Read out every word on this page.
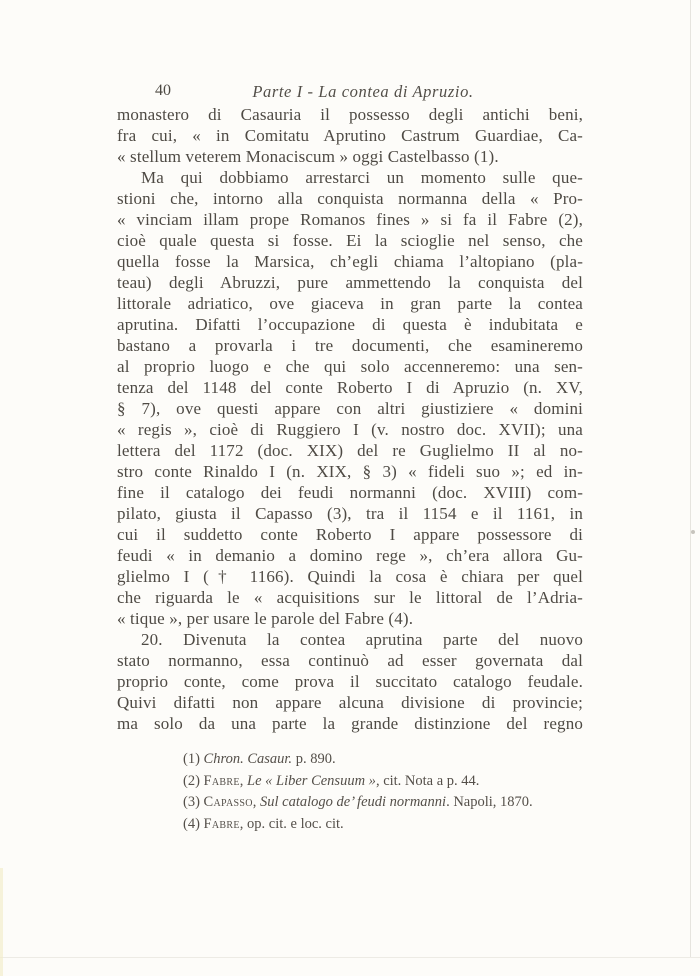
40	Parte I - La contea di Apruzio.
monastero di Casauria il possesso degli antichi beni,
fra cui, « in Comitatu Aprutino Castrum Guardiae, Ca-
« stellum veterem Monaciscum » oggi Castelbasso (1).
Ma qui dobbiamo arrestarci un momento sulle que-
stioni che, intorno alla conquista normanna della « Pro-
« vinciam illam prope Romanos fines » si fa il Fabre (2),
cioè quale questa si fosse. Ei la scioglie nel senso, che
quella fosse la Marsica, ch’egli chiama l’altopiano (pla-
teau) degli Abruzzi, pure ammettendo la conquista del
littorale adriatico, ove giaceva in gran parte la contea
aprutina. Difatti l’occupazione di questa è indubitata e
bastano a provarla i tre documenti, che esamineremo
al proprio luogo e che qui solo accenneremo: una sen-
tenza del 1148 del conte Roberto I di Apruzio (n. XV,
§ 7), ove questi appare con altri giustiziere « domini
« regis », cioè di Ruggiero I (v. nostro doc. XVII); una
lettera del 1172 (doc. XIX) del re Guglielmo II al no-
stro conte Rinaldo I (n. XIX, § 3) « fideli suo »; ed in-
fine il catalogo dei feudi normanni (doc. XVIII) com-
pilato, giusta il Capasso (3), tra il 1154 e il 1161, in
cui il suddetto conte Roberto I appare possessore di
feudi « in demanio a domino rege », ch’era allora Gu-
glielmo I († 1166). Quindi la cosa è chiara per quel
che riguarda le « acquisitions sur le littoral de l’Adria-
« tique », per usare le parole del Fabre (4).
20. Divenuta la contea aprutina parte del nuovo
stato normanno, essa continuò ad esser governata dal
proprio conte, come prova il succitato catalogo feudale.
Quivi difatti non appare alcuna divisione di provincie;
ma solo da una parte la grande distinzione del regno
(1) Chron. Casaur. p. 890.
(2) Fabre, Le « Liber Censuum », cit. Nota a p. 44.
(3) Capasso, Sul catalogo de’ feudi normanni. Napoli, 1870.
(4) Fabre, op. cit. e loc. cit.
